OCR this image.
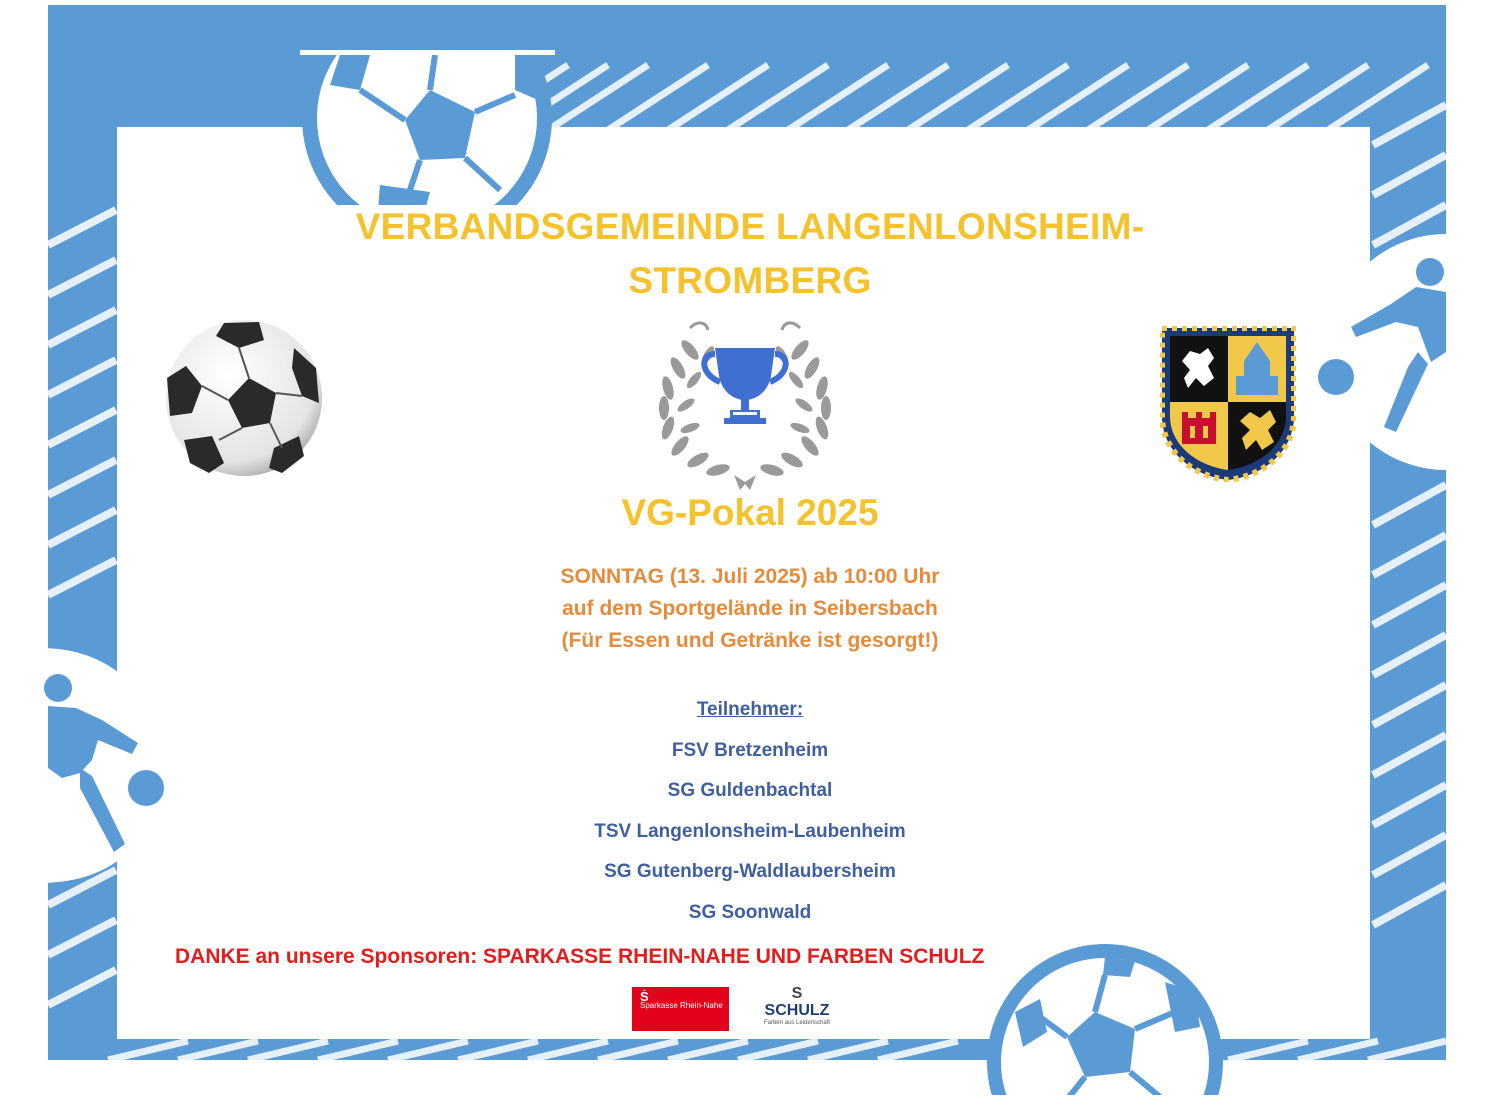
VERBANDSGEMEINDE LANGENLONSHEIM-
STROMBERG
VG-Pokal 2025
SONNTAG (13. Juli 2025) ab 10:00 Uhr
auf dem Sportgelände in Seibersbach
(Für Essen und Getränke ist gesorgt!)
Teilnehmer:
FSV Bretzenheim
SG Guldenbachtal
TSV Langenlonsheim-Laubenheim
SG Gutenberg-Waldlaubersheim
SG Soonwald
DANKE an unsere Sponsoren: SPARKASSE RHEIN-NAHE UND FARBEN SCHULZ
Ṡ
Sparkasse Rhein-Nahe
S
SCHULZ
Farben aus Leidenschaft
